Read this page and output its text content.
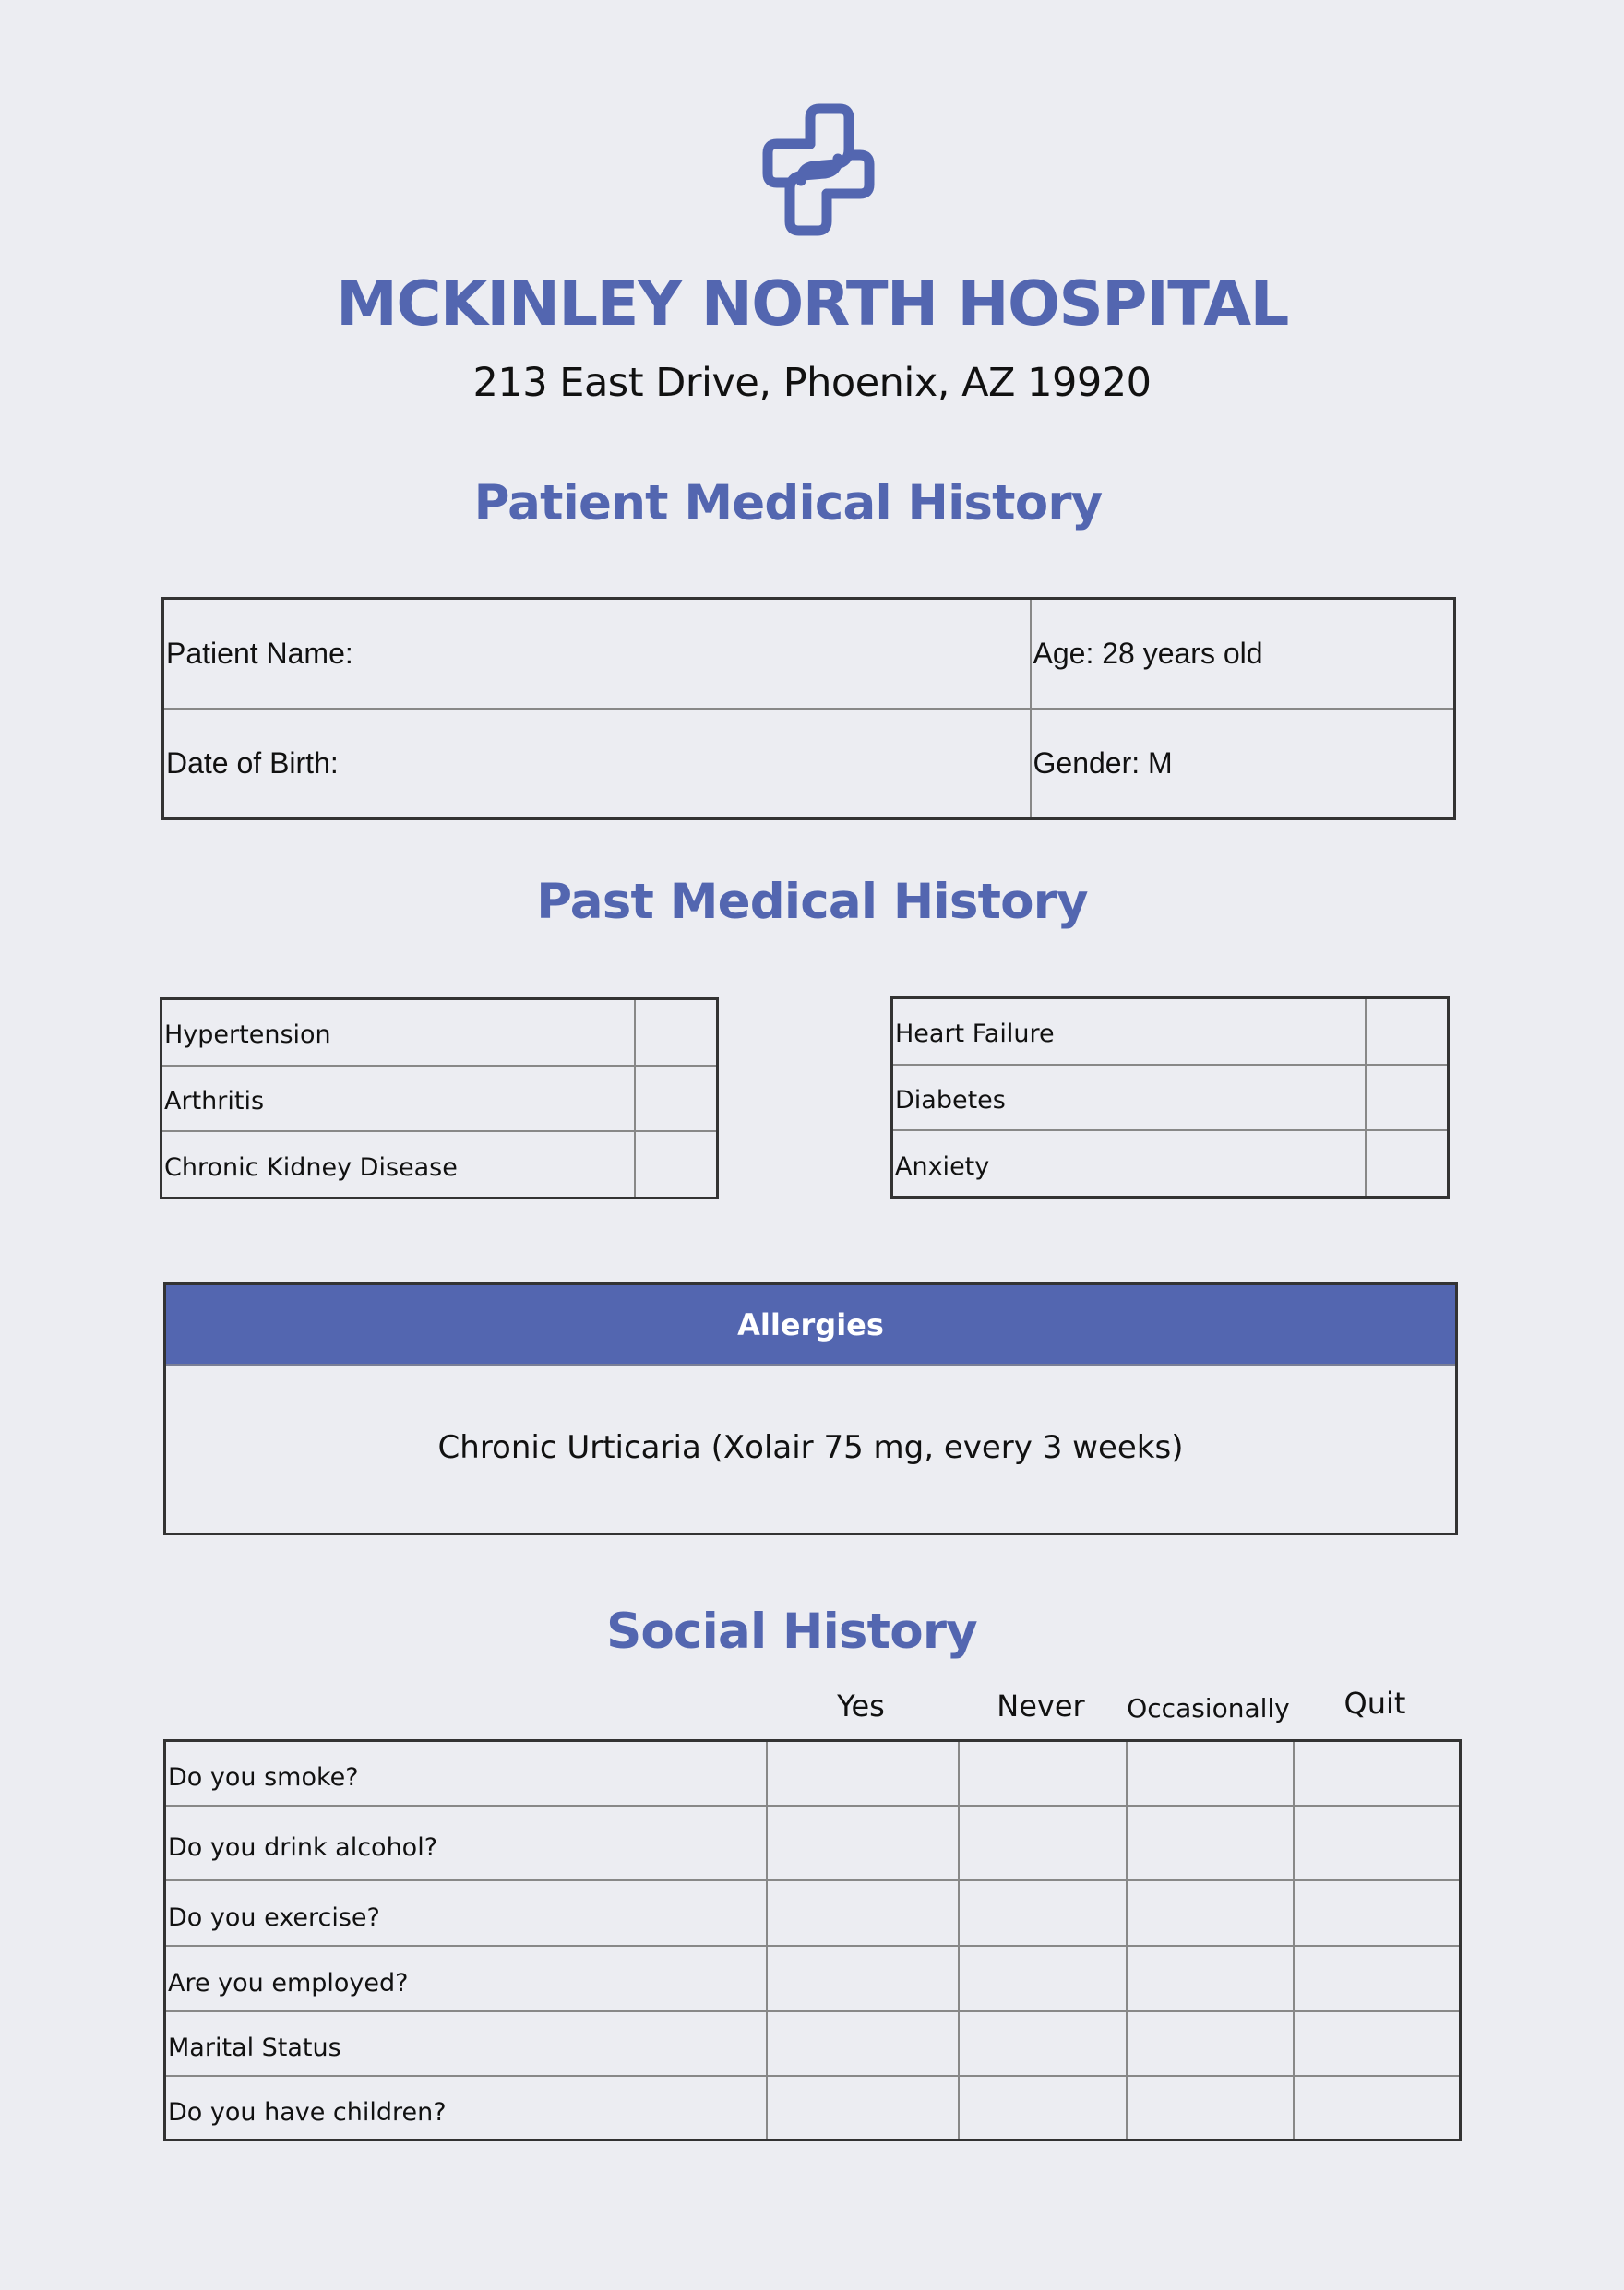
MCKINLEY NORTH HOSPITAL
213 East Drive, Phoenix, AZ 19920
Patient Medical History
Patient Name:	Age: 28 years old
Date of Birth:	Gender: M
Past Medical History
Hypertension	
Arthritis	
Chronic Kidney Disease	
Heart Failure	
Diabetes	
Anxiety	
Allergies
Chronic Urticaria (Xolair 75 mg, every 3 weeks)
Social History
Yes	Never	Occasionally	Quit
Do you smoke?				
Do you drink alcohol?				
Do you exercise?				
Are you employed?				
Marital Status				
Do you have children?				
